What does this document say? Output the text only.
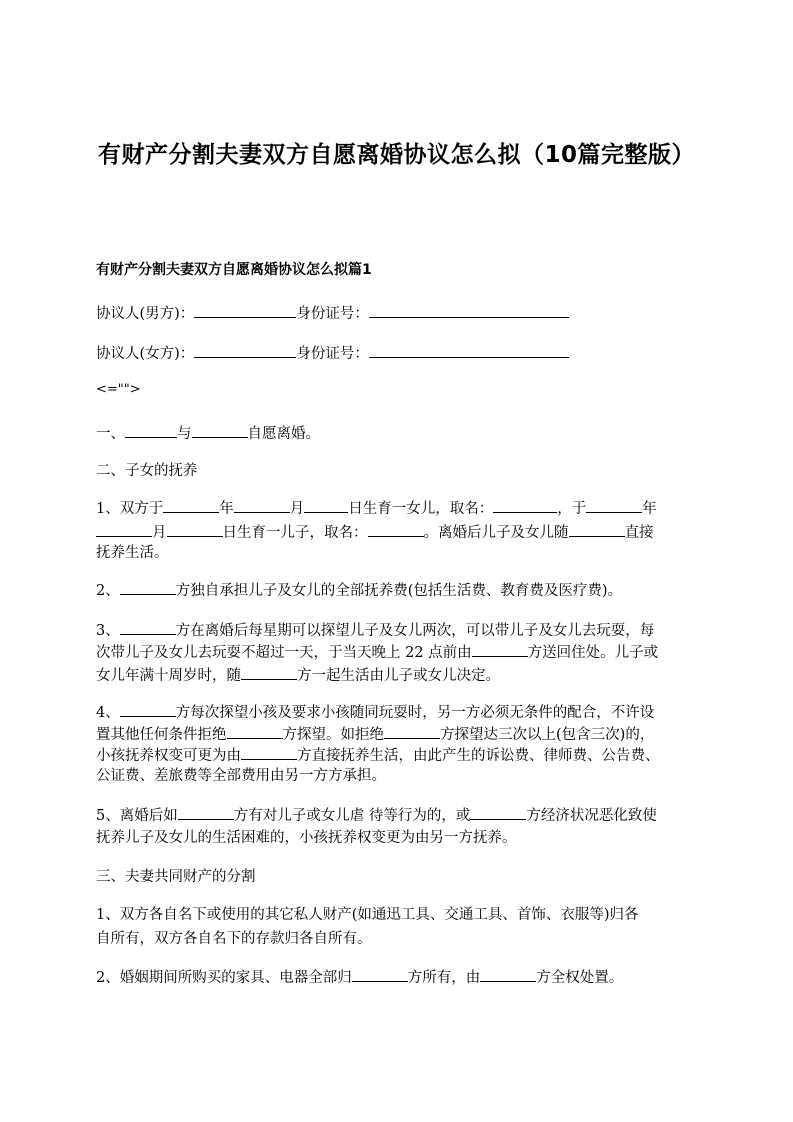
有财产分割夫妻双方自愿离婚协议怎么拟（10篇完整版）
有财产分割夫妻双方自愿离婚协议怎么拟篇1
协议人(男方)：	身份证号：
协议人(女方)：	身份证号：
<="">
一、	与	自愿离婚。
二、子女的抚养
1、双方于	年	月	日生育一女儿，取名：	，于	年
月	日生育一儿子，取名：	。离婚后儿子及女儿随	直接
抚养生活。
2、	方独自承担儿子及女儿的全部抚养费(包括生活费、教育费及医疗费)。
3、	方在离婚后每星期可以探望儿子及女儿两次，可以带儿子及女儿去玩耍，每
次带儿子及女儿去玩耍不超过一天，于当天晚上 22 点前由	方送回住处。儿子或
女儿年满十周岁时，随	方一起生活由儿子或女儿决定。
4、	方每次探望小孩及要求小孩随同玩耍时，另一方必须无条件的配合，不许设
置其他任何条件拒绝	方探望。如拒绝	方探望达三次以上(包含三次)的，
小孩抚养权变可更为由	方直接抚养生活，由此产生的诉讼费、律师费、公告费、
公证费、差旅费等全部费用由另一方方承担。
5、离婚后如	方有对儿子或女儿虐 待等行为的，或	方经济状况恶化致使
抚养儿子及女儿的生活困难的，小孩抚养权变更为由另一方抚养。
三、夫妻共同财产的分割
1、双方各自名下或使用的其它私人财产(如通迅工具、交通工具、首饰、衣服等)归各
自所有，双方各自名下的存款归各自所有。
2、婚姻期间所购买的家具、电器全部归	方所有，由	方全权处置。
